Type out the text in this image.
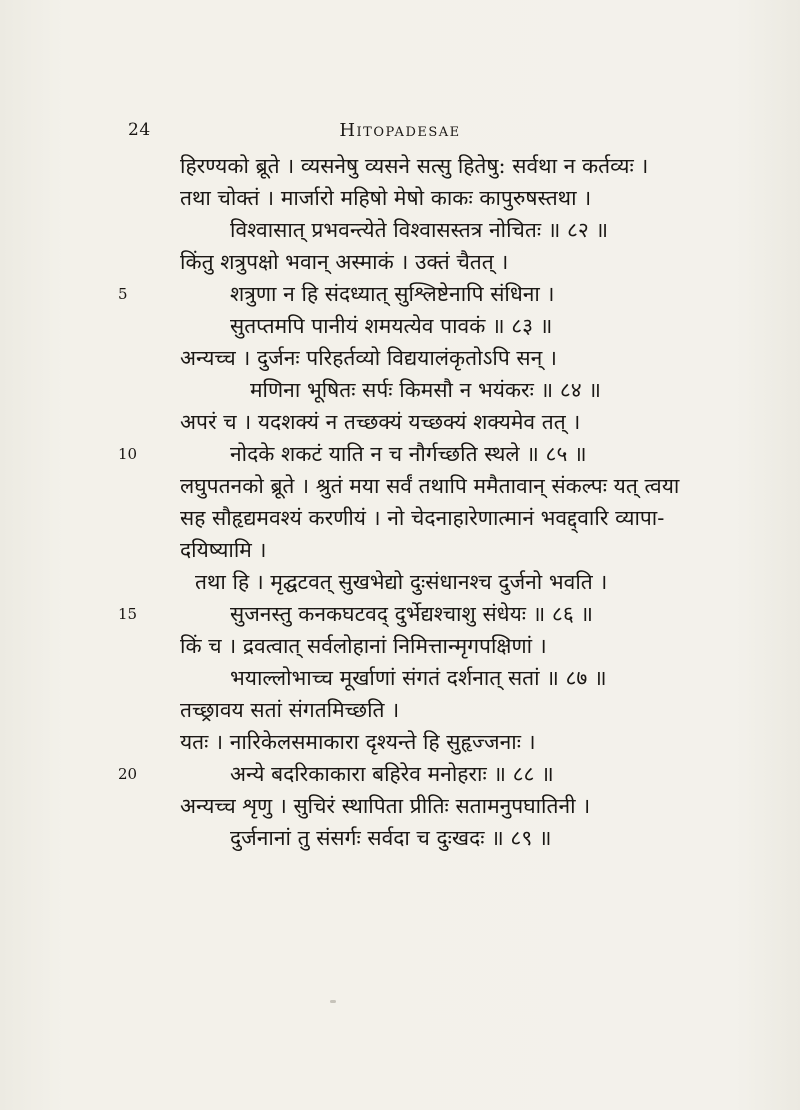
24	Hitopadesae
हिरण्यको ब्रूते । व्यसनेषु व्यसने सत्सु हितेषु: सर्वथा न कर्तव्यः ।
तथा चोक्तं । मार्जारो महिषो मेषो काकः कापुरुषस्तथा ।
विश्वासात् प्रभवन्त्येते विश्वासस्तत्र नोचितः ॥ ८२ ॥
किंतु शत्रुपक्षो भवान् अस्माकं । उक्तं चैतत् ।
5	शत्रुणा न हि संदध्यात् सुश्लिष्टेनापि संधिना ।
सुतप्तमपि पानीयं शमयत्येव पावकं ॥ ८३ ॥
अन्यच्च । दुर्जनः परिहर्तव्यो विद्ययालंकृतोऽपि सन् ।
मणिना भूषितः सर्पः किमसौ न भयंकरः ॥ ८४ ॥
अपरं च । यदशक्यं न तच्छक्यं यच्छक्यं शक्यमेव तत् ।
10	नोदके शकटं याति न च नौर्गच्छति स्थले ॥ ८५ ॥
लघुपतनको ब्रूते । श्रुतं मया सर्वं तथापि ममैतावान् संकल्पः यत् त्वया
सह सौहृद्यमवश्यं करणीयं । नो चेदनाहारेणात्मानं भवद्द्वारि व्यापा-
दयिष्यामि ।
तथा हि । मृद्घटवत् सुखभेद्यो दुःसंधानश्च दुर्जनो भवति ।
15	सुजनस्तु कनकघटवद् दुर्भेद्यश्चाशु संधेयः ॥ ८६ ॥
किं च । द्रवत्वात् सर्वलोहानां निमित्तान्मृगपक्षिणां ।
भयाल्लोभाच्च मूर्खाणां संगतं दर्शनात् सतां ॥ ८७ ॥
तच्छ्रावय सतां संगतमिच्छति ।
यतः । नारिकेलसमाकारा दृश्यन्ते हि सुहृज्जनाः ।
20	अन्ये बदरिकाकारा बहिरेव मनोहराः ॥ ८८ ॥
अन्यच्च शृणु । सुचिरं स्थापिता प्रीतिः सतामनुपघातिनी ।
दुर्जनानां तु संसर्गः सर्वदा च दुःखदः ॥ ८९ ॥
